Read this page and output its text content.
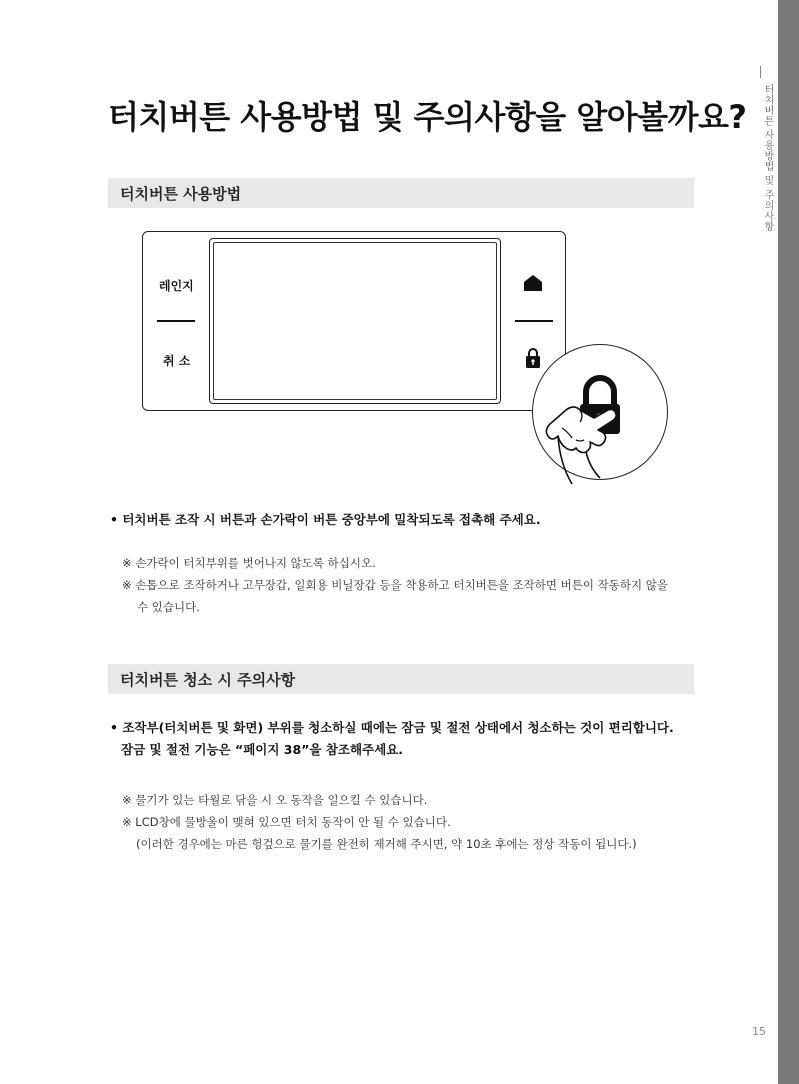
터치버튼 사용방법 및 주의사항
15
터치버튼 사용방법 및 주의사항을 알아볼까요?
터치버튼 사용방법
레인지
취 소

• 터치버튼 조작 시 버튼과 손가락이 버튼 중앙부에 밀착되도록 접촉해 주세요.

※ 손가락이 터치부위를 벗어나지 않도록 하십시오.

※ 손톱으로 조작하거나 고무장갑, 일회용 비닐장갑 등을 착용하고 터치버튼을 조작하면 버튼이 작동하지 않을

수 있습니다.

터치버튼 청소 시 주의사항

• 조작부(터치버튼 및 화면) 부위를 청소하실 때에는 잠금 및 절전 상태에서 청소하는 것이 편리합니다.

잠금 및 절전 기능은 “페이지 38”을 참조해주세요.

※ 물기가 있는 타월로 닦을 시 오 동작을 일으킬 수 있습니다.

※ LCD창에 물방울이 맺혀 있으면 터치 동작이 안 될 수 있습니다.

(이러한 경우에는 마른 헝겊으로 물기를 완전히 제거해 주시면, 약 10초 후에는 정상 작동이 됩니다.)
